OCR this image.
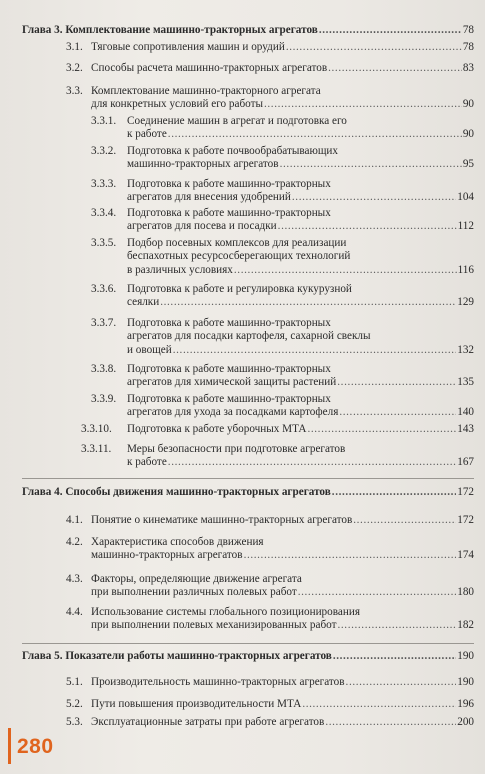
Глава 3. Комплектование машинно-тракторных агрегатов .....	78
3.1. Тяговые сопротивления машин и орудий .....	78
3.2. Способы расчета машинно-тракторных агрегатов .....	83
3.3. Комплектование машинно-тракторного агрегата
для конкретных условий его работы .....	90
3.3.1. Соединение машин в агрегат и подготовка его
к работе .....	90
3.3.2. Подготовка к работе почвообрабатывающих
машинно-тракторных агрегатов .....	95
3.3.3. Подготовка к работе машинно-тракторных
агрегатов для внесения удобрений .....	104
3.3.4. Подготовка к работе машинно-тракторных
агрегатов для посева и посадки .....	112
3.3.5. Подбор посевных комплексов для реализации
беспахотных ресурсосберегающих технологий
в различных условиях .....	116
3.3.6. Подготовка к работе и регулировка кукурузной
сеялки .....	129
3.3.7. Подготовка к работе машинно-тракторных
агрегатов для посадки картофеля, сахарной свеклы
и овощей .....	132
3.3.8. Подготовка к работе машинно-тракторных
агрегатов для химической защиты растений .....	135
3.3.9. Подготовка к работе машинно-тракторных
агрегатов для ухода за посадками картофеля .....	140
3.3.10. Подготовка к работе уборочных МТА .....	143
3.3.11. Меры безопасности при подготовке агрегатов
к работе .....	167
Глава 4. Способы движения машинно-тракторных агрегатов .....	172
4.1. Понятие о кинематике машинно-тракторных агрегатов .....	172
4.2. Характеристика способов движения
машинно-тракторных агрегатов .....	174
4.3. Факторы, определяющие движение агрегата
при выполнении различных полевых работ .....	180
4.4. Использование системы глобального позиционирования
при выполнении полевых механизированных работ .....	182
Глава 5. Показатели работы машинно-тракторных агрегатов .....	190
5.1. Производительность машинно-тракторных агрегатов .....	190
5.2. Пути повышения производительности МТА .....	196
5.3. Эксплуатационные затраты при работе агрегатов .....	200
280
